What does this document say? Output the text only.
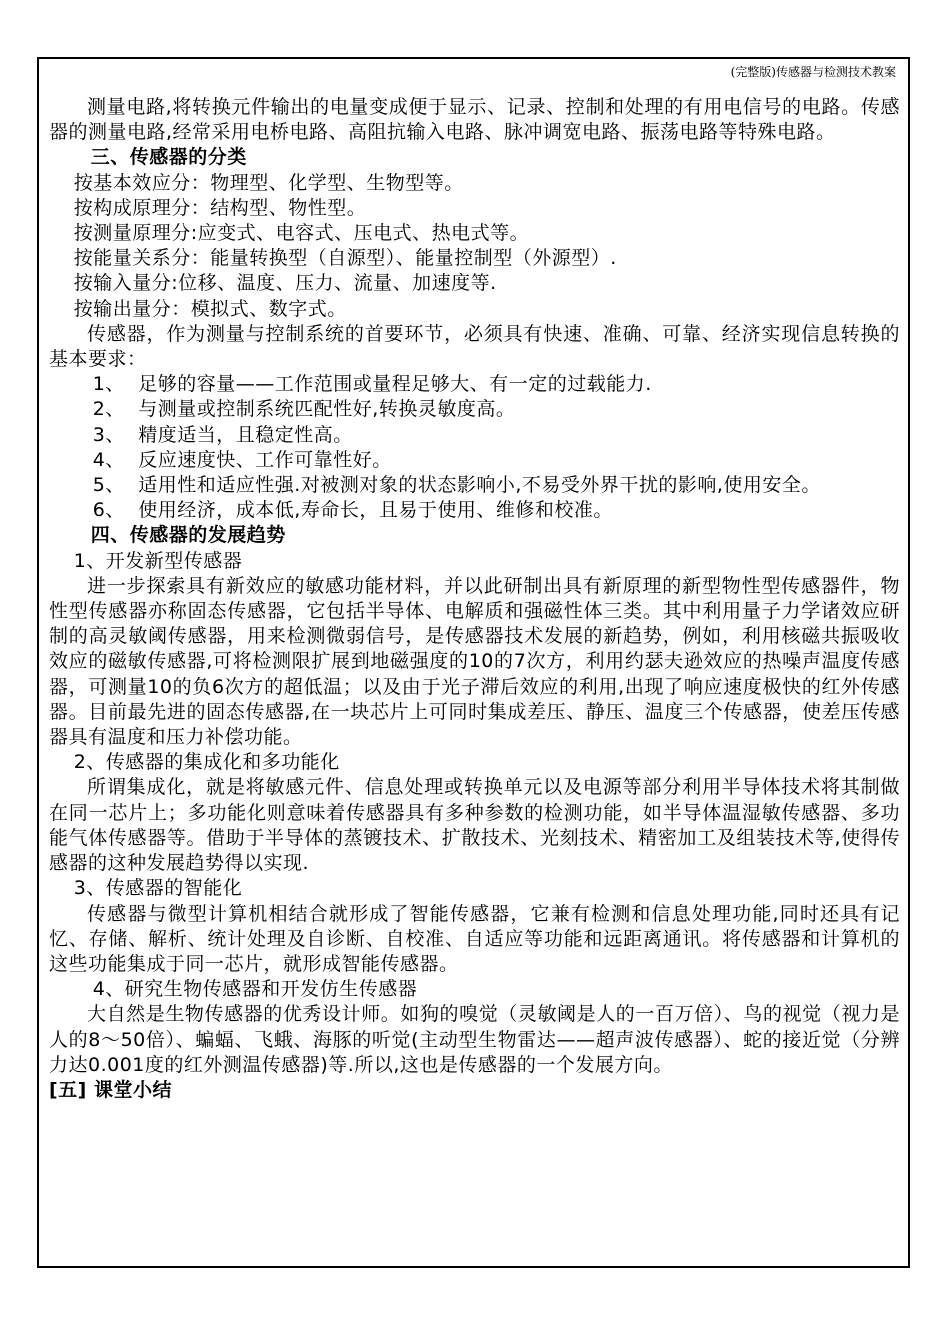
(完整版)传感器与检测技术教案

测量电路,将转换元件输出的电量变成便于显示、记录、控制和处理的有用电信号的电路。传感器的测量电路,经常采用电桥电路、高阻抗输入电路、脉冲调宽电路、振荡电路等特殊电路。

三、传感器的分类

按基本效应分：物理型、化学型、生物型等。

按构成原理分：结构型、物性型。

按测量原理分:应变式、电容式、压电式、热电式等。

按能量关系分：能量转换型（自源型）、能量控制型（外源型）.

按输入量分:位移、温度、压力、流量、加速度等.

按输出量分：模拟式、数字式。

传感器，作为测量与控制系统的首要环节，必须具有快速、准确、可靠、经济实现信息转换的基本要求：

1、 足够的容量——工作范围或量程足够大、有一定的过载能力.
2、 与测量或控制系统匹配性好,转换灵敏度高。
3、 精度适当，且稳定性高。
4、 反应速度快、工作可靠性好。
5、 适用性和适应性强.对被测对象的状态影响小,不易受外界干扰的影响,使用安全。
6、 使用经济，成本低,寿命长，且易于使用、维修和校准。

四、传感器的发展趋势

1、开发新型传感器

进一步探索具有新效应的敏感功能材料，并以此研制出具有新原理的新型物性型传感器件，物性型传感器亦称固态传感器，它包括半导体、电解质和强磁性体三类。其中利用量子力学诸效应研制的高灵敏阈传感器，用来检测微弱信号，是传感器技术发展的新趋势，例如，利用核磁共振吸收效应的磁敏传感器,可将检测限扩展到地磁强度的10的7次方，利用约瑟夫逊效应的热噪声温度传感器，可测量10的负6次方的超低温；以及由于光子滞后效应的利用,出现了响应速度极快的红外传感器。目前最先进的固态传感器,在一块芯片上可同时集成差压、静压、温度三个传感器，使差压传感器具有温度和压力补偿功能。

2、传感器的集成化和多功能化

所谓集成化，就是将敏感元件、信息处理或转换单元以及电源等部分利用半导体技术将其制做在同一芯片上；多功能化则意味着传感器具有多种参数的检测功能，如半导体温湿敏传感器、多功能气体传感器等。借助于半导体的蒸镀技术、扩散技术、光刻技术、精密加工及组装技术等,使得传感器的这种发展趋势得以实现.

3、传感器的智能化

传感器与微型计算机相结合就形成了智能传感器，它兼有检测和信息处理功能,同时还具有记忆、存储、解析、统计处理及自诊断、自校准、自适应等功能和远距离通讯。将传感器和计算机的这些功能集成于同一芯片，就形成智能传感器。

4、研究生物传感器和开发仿生传感器

大自然是生物传感器的优秀设计师。如狗的嗅觉（灵敏阈是人的一百万倍）、鸟的视觉（视力是人的8～50倍）、蝙蝠、飞蛾、海豚的听觉(主动型生物雷达——超声波传感器）、蛇的接近觉（分辨力达0.001度的红外测温传感器)等.所以,这也是传感器的一个发展方向。

[五] 课堂小结
